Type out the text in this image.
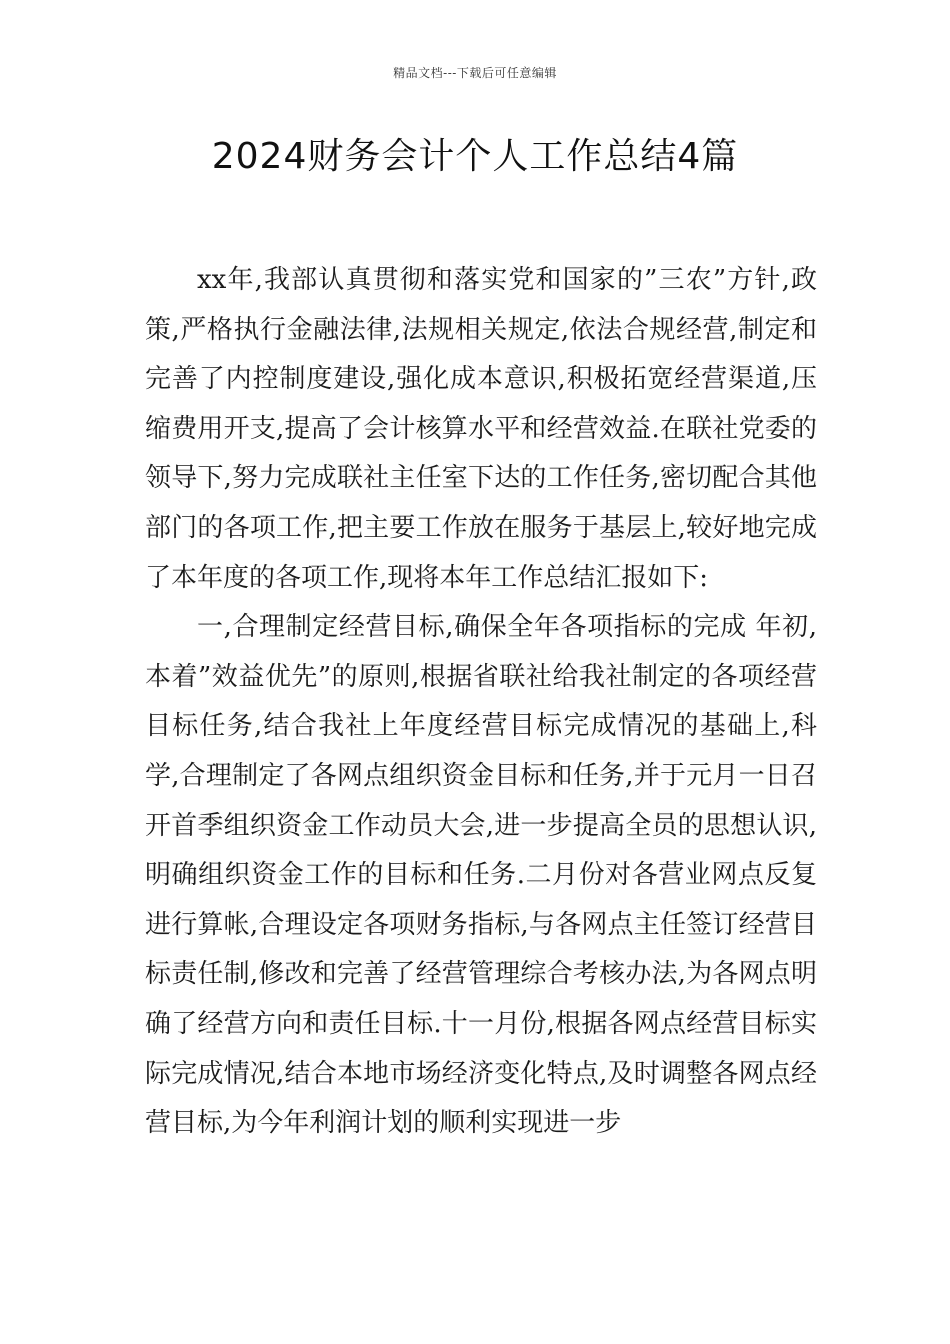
精品文档---下载后可任意编辑
2024财务会计个人工作总结4篇

xx年,我部认真贯彻和落实党和国家的”三农”方针,政策,严格执行金融法律,法规相关规定,依法合规经营,制定和完善了内控制度建设,强化成本意识,积极拓宽经营渠道,压缩费用开支,提高了会计核算水平和经营效益.在联社党委的领导下,努力完成联社主任室下达的工作任务,密切配合其他部门的各项工作,把主要工作放在服务于基层上,较好地完成了本年度的各项工作,现将本年工作总结汇报如下:

一,合理制定经营目标,确保全年各项指标的完成 年初,本着”效益优先”的原则,根据省联社给我社制定的各项经营目标任务,结合我社上年度经营目标完成情况的基础上,科学,合理制定了各网点组织资金目标和任务,并于元月一日召开首季组织资金工作动员大会,进一步提高全员的思想认识,明确组织资金工作的目标和任务.二月份对各营业网点反复进行算帐,合理设定各项财务指标,与各网点主任签订经营目标责任制,修改和完善了经营管理综合考核办法,为各网点明确了经营方向和责任目标.十一月份,根据各网点经营目标实际完成情况,结合本地市场经济变化特点,及时调整各网点经营目标,为今年利润计划的顺利实现进一步
